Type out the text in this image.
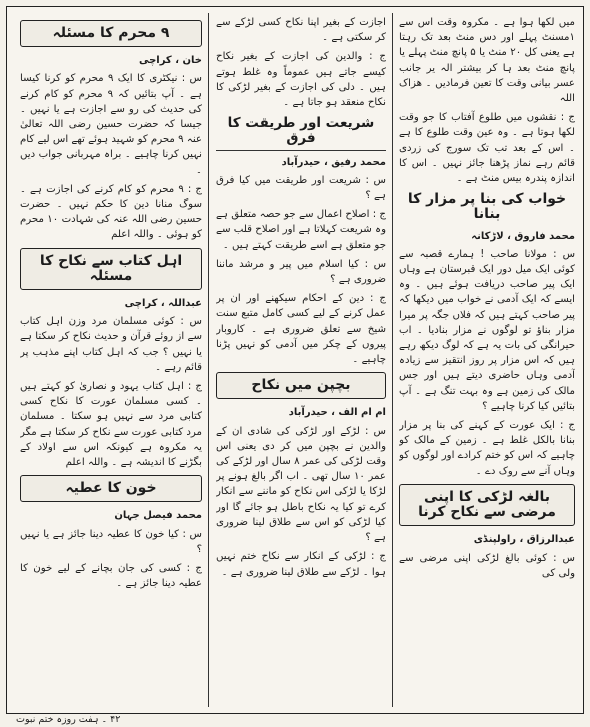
میں لکھا ہوا ہے ۔ مکروہ وقت اس سے ۱مسنٹ پہلے اور دس منٹ بعد تک رہتا ہے یعنی کل ۲۰ منٹ یا ۵ پانچ منٹ پہلے یا پانچ منٹ بعد ہا کر بیشتر الہ یر جانب عسر بیانی وقت کا تعین فرمادیں ۔ ھزاک اللہ

ج : نقشوں میں طلوع آفتاب کا جو وقت لکھا ہوتا ہے ۔ وہ عین وقت طلوع کا ہے ۔ اس کے بعد تب تک سورج کی زردی قائم رہے نماز پڑھنا جائز نہیں ۔ اس کا اندازہ پندرہ بیس منٹ ہے ۔

خواب کی بنا پر مزار کا بنانا
محمد فاروق ، لاڑکانہ

س : مولانا صاحب ! ہمارے قصبہ سے کوئی ایک میل دور ایک قبرستان ہے وہاں ایک پیر صاحب دریافت ہوئے ہیں ۔ وہ ایسے کہ ایک آدمی نے خواب میں دیکھا کہ پیر صاحب کہتے ہیں کہ فلاں جگہ پر میرا مزار بناؤ تو لوگوں نے مزار بنادیا ۔ اب حیرانگی کی بات یہ ہے کہ لوگ دیکھ رہے ہیں کہ اس مزار پر روز انتقیز سے زیادہ آدمی وہاں حاضری دیتے ہیں اور جس مالک کی زمین ہے وہ بہت تنگ ہے ۔ آپ بتائیں کیا کرنا چاہیے ؟

ج : ایک عورت کے کہنے کی بنا پر مزار بنانا بالکل غلط ہے ۔ زمین کے مالک کو چاہیے کہ اس کو ختم کرادے اور لوگوں کو وہاں آنے سے روک دے ۔

بالغہ لڑکی کا اپنی مرضی سے نکاح کرنا
عبدالرزاق ، راولپنڈی

س : کوئی بالغ لڑکی اپنی مرضی سے ولی کی

اجازت کے بغیر اپنا نکاح کسی لڑکے سے کر سکتی ہے ۔

ج : والدین کی اجازت کے بغیر نکاح کیسے جاتے ہیں عموماً وہ غلط ہوتے ہیں ۔ دلی کی اجازت کے بغیر لڑکی کا نکاح منعقد ہو جاتا ہے ۔

شریعت اور طریقت کا فرق
محمد رفیق ، حیدرآباد

س : شریعت اور طریقت میں کیا فرق ہے ؟

ج : اصلاح اعمال سے جو حصہ متعلق ہے وہ شریعت کہلاتا ہے اور اصلاح قلب سے جو متعلق ہے اسے طریقت کہتے ہیں ۔

س : کیا اسلام میں پیر و مرشد ماننا ضروری ہے ؟

ج : دین کے احکام سیکھنے اور ان پر عمل کرنے کے لیے کسی کامل متبع سنت شیخ سے تعلق ضروری ہے ۔ کاروبار پیروں کے چکر میں آدمی کو نہیں پڑنا چاہیے ۔

بچپن میں نکاح
ام ام الف ، حیدرآباد

س : لڑکے اور لڑکی کی شادی ان کے والدین نے بچپن میں کر دی یعنی اس وقت لڑکی کی عمر ۸ سال اور لڑکے کی عمر ۱۰ سال تھی ۔ اب اگر بالغ ہونے پر لڑکا یا لڑکی اس نکاح کو ماننے سے انکار کرے تو کیا یہ نکاح باطل ہو جائے گا اور کیا لڑکی کو اس سے طلاق لینا ضروری ہے ؟

ج : لڑکی کے انکار سے نکاح ختم نہیں ہوا ۔ لڑکے سے طلاق لینا ضروری ہے ۔

۹ محرم کا مسئلہ
خان ، کراچی

س : نیکٹری کا ایک ۹ محرم کو کرنا کیسا ہے ۔ آپ بتائیں کہ ۹ محرم کو کام کرنے کی حدیث کی رو سے اجازت ہے یا نہیں ۔ جیسا کہ حضرت حسین رضی اللہ تعالیٰ عنہ ۹ محرم کو شہید ہوئے تھے اس لیے کام نہیں کرنا چاہیے ۔ براہ مہربانی جواب دیں ۔

ج : ۹ محرم کو کام کرنے کی اجازت ہے ۔ سوگ منانا دین کا حکم نہیں ۔ حضرت حسین رضی اللہ عنہ کی شہادت ۱۰ محرم کو ہوئی ۔ واللہ اعلم

اہل کتاب سے نکاح کا مسئلہ
عبداللہ ، کراچی

س : کوئی مسلمان مرد وزن اہل کتاب سے از روئے قرآن و حدیث نکاح کر سکتا ہے یا نہیں ؟ جب کہ اہل کتاب اپنے مذہب پر قائم رہے ۔

ج : اہل کتاب یہود و نصاریٰ کو کہتے ہیں ۔ کسی مسلمان عورت کا نکاح کسی کتابی مرد سے نہیں ہو سکتا ۔ مسلمان مرد کتابی عورت سے نکاح کر سکتا ہے مگر یہ مکروہ ہے کیونکہ اس سے اولاد کے بگڑنے کا اندیشہ ہے ۔ واللہ اعلم

خون کا عطیہ
محمد فیصل جہان

س : کیا خون کا عطیہ دینا جائز ہے یا نہیں ؟

ج : کسی کی جان بچانے کے لیے خون کا عطیہ دینا جائز ہے ۔

۴۲ ۔ ہفت روزہ ختم نبوت
